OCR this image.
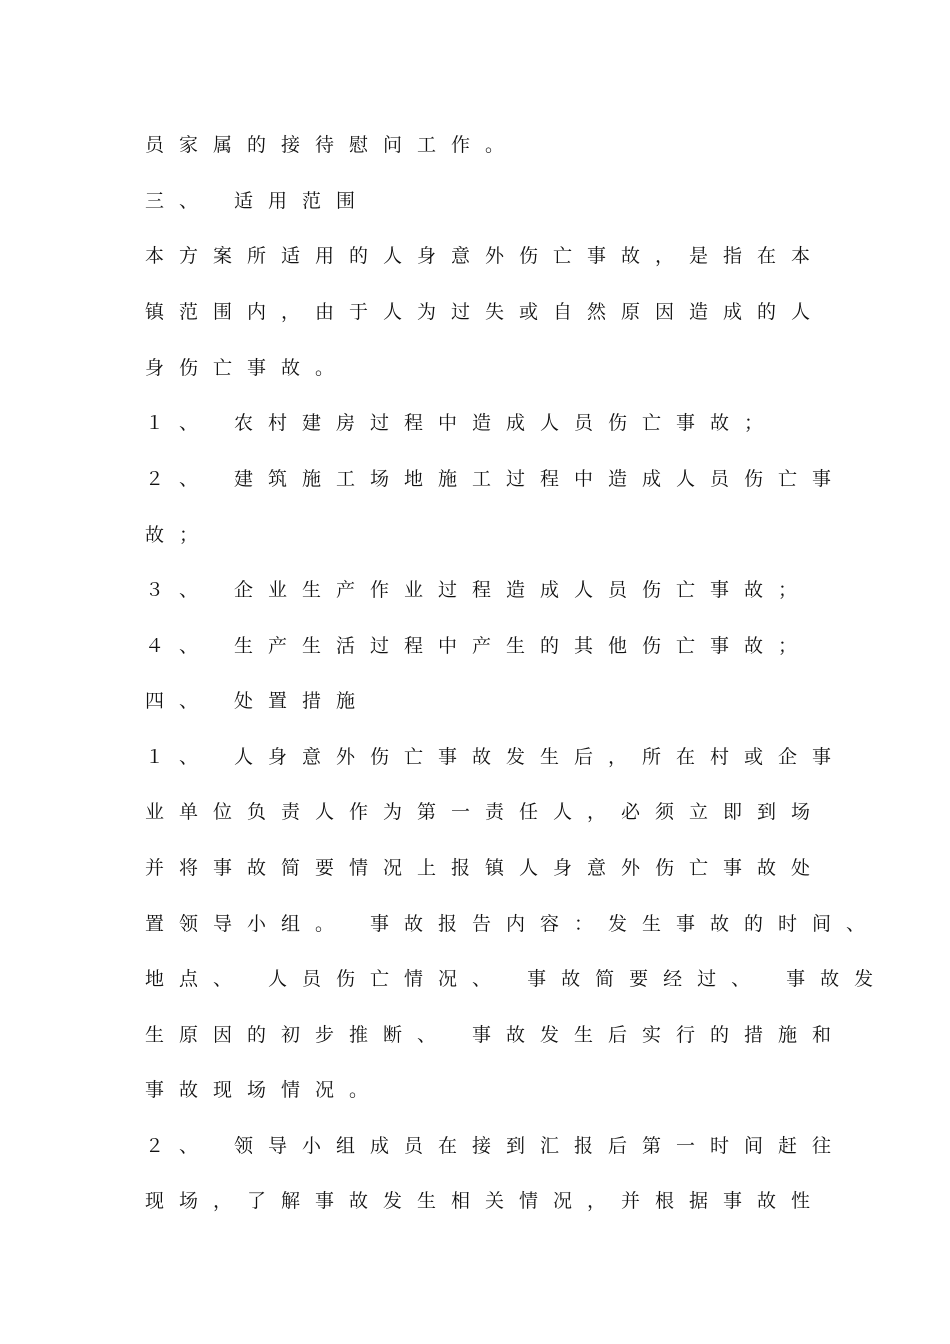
员家属的接待慰问工作。

三、 适用范围

本方案所适用的人身意外伤亡事故，是指在本

镇范围内，由于人为过失或自然原因造成的人

身伤亡事故。

１、 农村建房过程中造成人员伤亡事故；

２、 建筑施工场地施工过程中造成人员伤亡事

故；

３、 企业生产作业过程造成人员伤亡事故；

４、 生产生活过程中产生的其他伤亡事故；

四、 处置措施

１、 人身意外伤亡事故发生后，所在村或企事

业单位负责人作为第一责任人，必须立即到场

并将事故简要情况上报镇人身意外伤亡事故处

置领导小组。 事故报告内容：发生事故的时间、

地点、 人员伤亡情况、 事故简要经过、 事故发

生原因的初步推断、 事故发生后实行的措施和

事故现场情况。

２、 领导小组成员在接到汇报后第一时间赶往

现场，了解事故发生相关情况，并根据事故性
